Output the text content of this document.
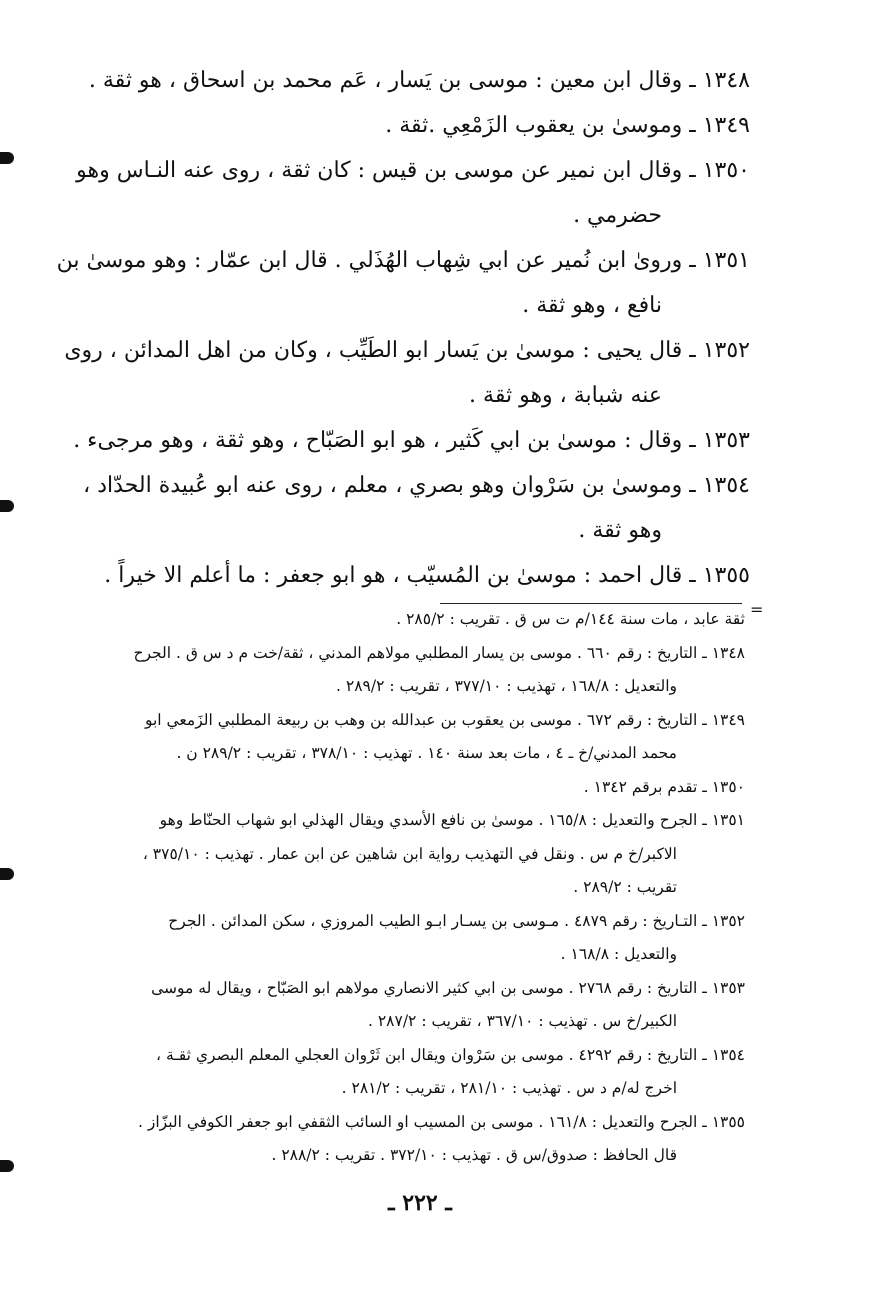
١٣٤٨ ـ وقال ابن معين : موسى بن يَسار ، عَم محمد بن اسحاق ، هو ثقة .
١٣٤٩ ـ وموسىٰ بن يعقوب الزَمْعِي .ثقة .
١٣٥٠ ـ وقال ابن نمير عن موسى بن قيس : كان ثقة ، روى عنه النـاس وهو
حضرمي .
١٣٥١ ـ وروىٰ ابن نُمير عن ابي شِهاب الهُذَلي . قال ابن عمّار : وهو موسىٰ بن
نافع ، وهو ثقة .
١٣٥٢ ـ قال يحيى : موسىٰ بن يَسار ابو الطَيِّب ، وكان من اهل المدائن ، روى
عنه شبابة ، وهو ثقة .
١٣٥٣ ـ وقال : موسىٰ بن ابي كَثير ، هو ابو الصَبّاح ، وهو ثقة ، وهو مرجىء .
١٣٥٤ ـ وموسىٰ بن سَرْوان وهو بصري ، معلم ، روى عنه ابو عُبيدة الحدّاد ،
وهو ثقة .
١٣٥٥ ـ قال احمد : موسىٰ بن المُسيّب ، هو ابو جعفر : ما أعلم الا خيراً .
=
ثقة عابد ، مات سنة ١٤٤/م ت س ق . تقريب : ٢٨٥/٢ .
١٣٤٨ ـ التاريخ : رقم ٦٦٠ . موسى بن يسار المطلبي مولاهم المدني ، ثقة/خت م د س ق . الجرح
والتعديل : ١٦٨/٨ ، تهذيب : ٣٧٧/١٠ ، تقريب : ٢٨٩/٢ .
١٣٤٩ ـ التاريخ : رقم ٦٧٢ . موسى بن يعقوب بن عبدالله بن وهب بن ربيعة المطلبي الزَمعي ابو
محمد المدني/خ ـ ٤ ، مات بعد سنة ١٤٠ . تهذيب : ٣٧٨/١٠ ، تقريب : ٢٨٩/٢ ن .
١٣٥٠ ـ تقدم برقم ١٣٤٢ .
١٣٥١ ـ الجرح والتعديل : ١٦٥/٨ . موسىٰ بن نافع الأسدي ويقال الهذلي ابو شهاب الحنّاط وهو
الاكبر/خ م س . ونقل في التهذيب رواية ابن شاهين عن ابن عمار . تهذيب : ٣٧٥/١٠ ،
تقريب : ٢٨٩/٢ .
١٣٥٢ ـ التـاريخ : رقم ٤٨٧٩ . مـوسى بن يسـار ابـو الطيب المروزي ، سكن المدائن . الجرح
والتعديل : ١٦٨/٨ .
١٣٥٣ ـ التاريخ : رقم ٢٧٦٨ . موسى بن ابي كثير الانصاري مولاهم ابو الصَبّاح ، ويقال له موسى
الكبير/خ س . تهذيب : ٣٦٧/١٠ ، تقريب : ٢٨٧/٢ .
١٣٥٤ ـ التاريخ : رقم ٤٢٩٢ . موسى بن سَرْوان ويقال ابن ثَرْوان العجلي المعلم البصري ثقـة ،
اخرج له/م د س . تهذيب : ٢٨١/١٠ ، تقريب : ٢٨١/٢ .
١٣٥٥ ـ الجرح والتعديل : ١٦١/٨ . موسى بن المسيب او السائب الثقفي ابو جعفر الكوفي البزّاز .
قال الحافظ : صدوق/س ق . تهذيب : ٣٧٢/١٠ . تقريب : ٢٨٨/٢ .
ـ ٢٢٢ ـ
